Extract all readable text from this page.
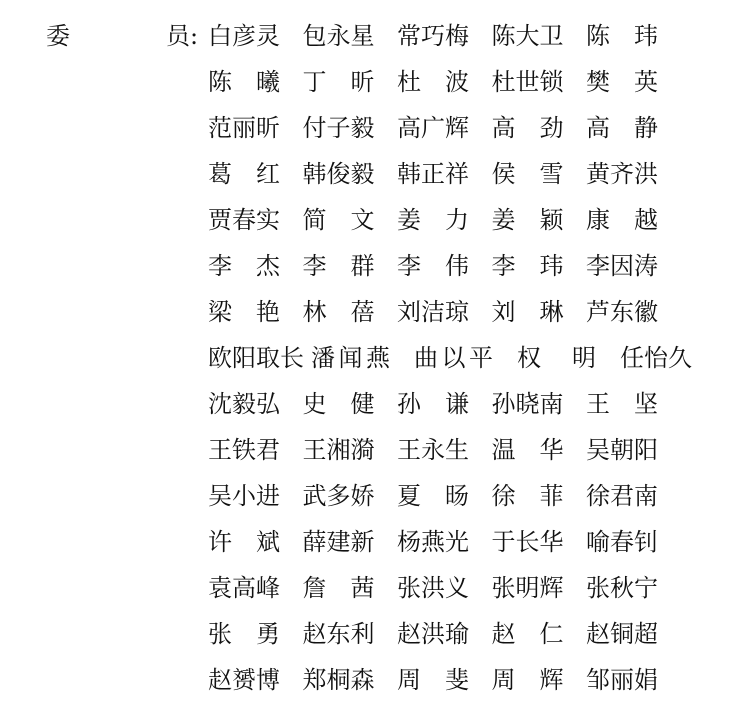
委	员: 白彦灵 包永星 常巧梅 陈大卫 陈　玮
陈　曦 丁　昕 杜　波 杜世锁 樊　英
范丽昕 付子毅 高广辉 高　劲 高　静
葛　红 韩俊毅 韩正祥 侯　雪 黄齐洪
贾春实 简　文 姜　力 姜　颖 康　越
李　杰 李　群 李　伟 李　玮 李因涛
梁　艳 林　蓓 刘洁琼 刘　琳 芦东徽
欧阳取长 潘闻燕 曲以平 权　明 任怡久
沈毅弘 史　健 孙　谦 孙晓南 王　坚
王铁君 王湘漪 王永生 温　华 吴朝阳
吴小进 武多娇 夏　旸 徐　菲 徐君南
许　斌 薛建新 杨燕光 于长华 喻春钊
袁高峰 詹　茜 张洪义 张明辉 张秋宁
张　勇 赵东利 赵洪瑜 赵　仁 赵铜超
赵赟博 郑桐森 周　斐 周　辉 邹丽娟
